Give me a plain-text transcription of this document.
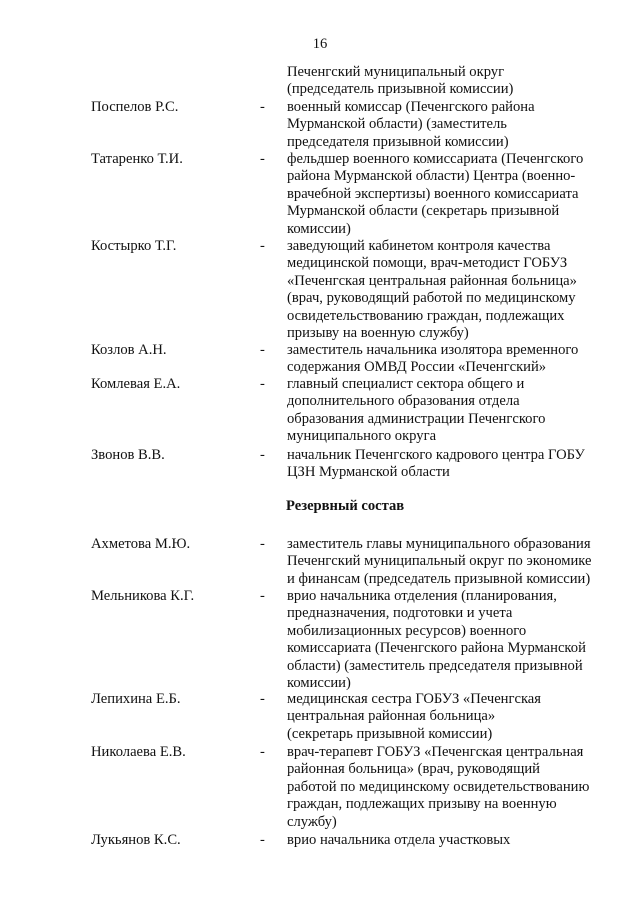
16
Печенгский муниципальный округ
(председатель призывной комиссии)
Поспелов Р.С.	- военный комиссар (Печенгского района
Мурманской области) (заместитель
председателя призывной комиссии)
Татаренко Т.И.	- фельдшер военного комиссариата (Печенгского
района Мурманской области) Центра (военно-
врачебной экспертизы) военного комиссариата
Мурманской области (секретарь призывной
комиссии)
Костырко Т.Г.	- заведующий кабинетом контроля качества
медицинской помощи, врач-методист ГОБУЗ
«Печенгская центральная районная больница»
(врач, руководящий работой по медицинскому
освидетельствованию граждан, подлежащих
призыву на военную службу)
Козлов А.Н.	- заместитель начальника изолятора временного
содержания ОМВД России «Печенгский»
Комлевая Е.А.	- главный специалист сектора общего и
дополнительного образования отдела
образования администрации Печенгского
муниципального округа
Звонов В.В.	- начальник Печенгского кадрового центра ГОБУ
ЦЗН Мурманской области
Резервный состав
Ахметова М.Ю.	- заместитель главы муниципального образования
Печенгский муниципальный округ по экономике
и финансам (председатель призывной комиссии)
Мельникова К.Г.	- врио начальника отделения (планирования,
предназначения, подготовки и учета
мобилизационных ресурсов) военного
комиссариата (Печенгского района Мурманской
области) (заместитель председателя призывной
комиссии)
Лепихина Е.Б.	- медицинская сестра ГОБУЗ «Печенгская
центральная районная больница»
(секретарь призывной комиссии)
Николаева Е.В.	- врач-терапевт ГОБУЗ «Печенгская центральная
районная больница» (врач, руководящий
работой по медицинскому освидетельствованию
граждан, подлежащих призыву на военную
службу)
Лукьянов К.С.	- врио начальника отдела участковых
